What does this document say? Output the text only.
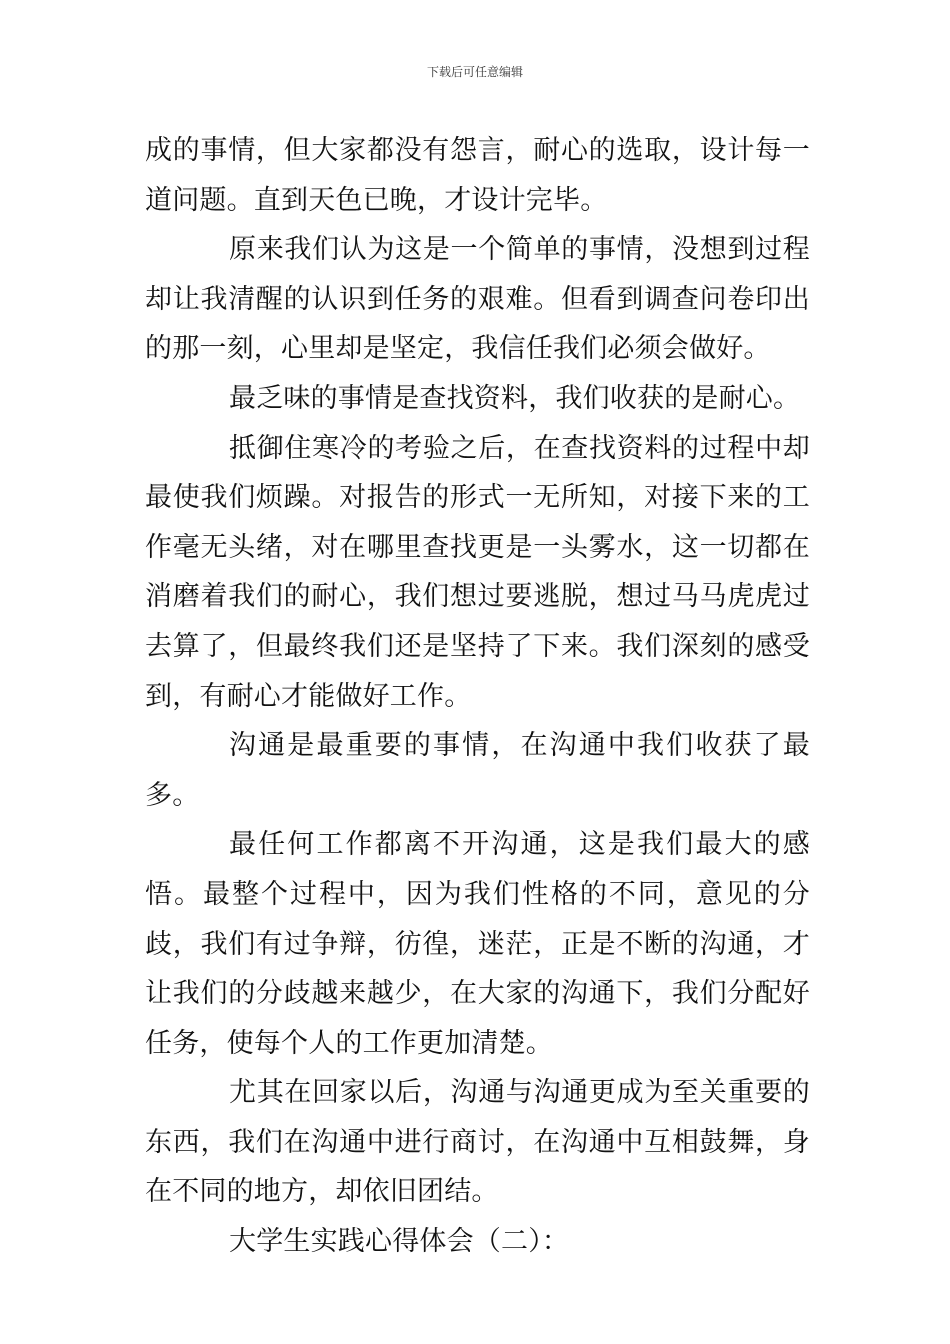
下载后可任意编辑

成的事情，但大家都没有怨言，耐心的选取，设计每一道问题。直到天色已晚，才设计完毕。

原来我们认为这是一个简单的事情，没想到过程却让我清醒的认识到任务的艰难。但看到调查问卷印出的那一刻，心里却是坚定，我信任我们必须会做好。

最乏味的事情是查找资料，我们收获的是耐心。

抵御住寒冷的考验之后，在查找资料的过程中却最使我们烦躁。对报告的形式一无所知，对接下来的工作毫无头绪，对在哪里查找更是一头雾水，这一切都在消磨着我们的耐心，我们想过要逃脱，想过马马虎虎过去算了，但最终我们还是坚持了下来。我们深刻的感受到，有耐心才能做好工作。

沟通是最重要的事情，在沟通中我们收获了最多。

最任何工作都离不开沟通，这是我们最大的感悟。最整个过程中，因为我们性格的不同，意见的分歧，我们有过争辩，彷徨，迷茫，正是不断的沟通，才让我们的分歧越来越少，在大家的沟通下，我们分配好任务，使每个人的工作更加清楚。

尤其在回家以后，沟通与沟通更成为至关重要的东西，我们在沟通中进行商讨，在沟通中互相鼓舞，身在不同的地方，却依旧团结。

大学生实践心得体会（二）：
